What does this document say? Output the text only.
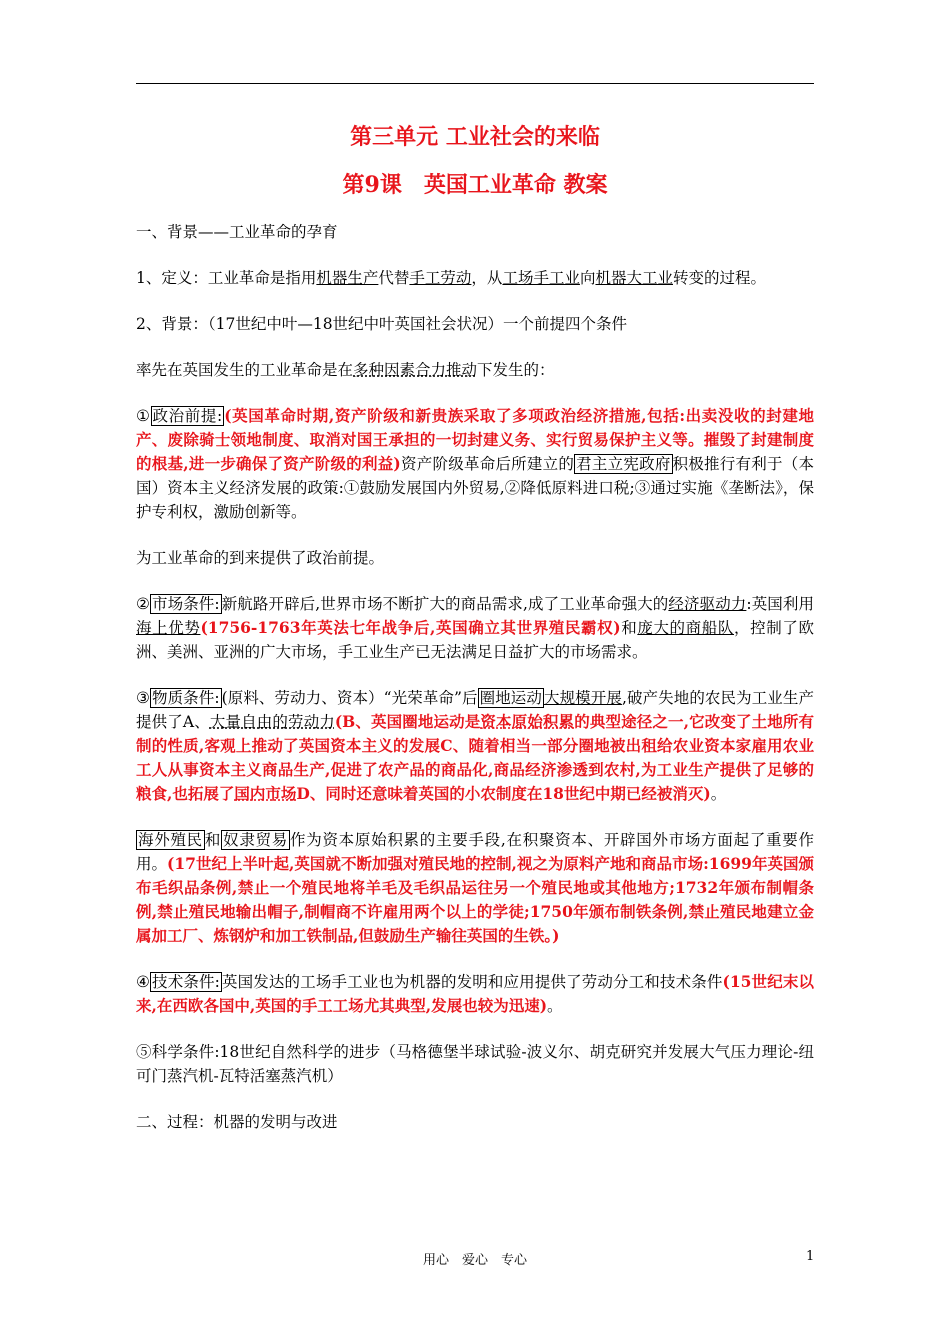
第三单元 工业社会的来临
第9课　英国工业革命 教案

一、背景——工业革命的孕育

1、定义：工业革命是指用机器生产代替手工劳动，从工场手工业向机器大工业转变的过程。

2、背景：（17世纪中叶—18世纪中叶英国社会状况）一个前提四个条件

率先在英国发生的工业革命是在多种因素合力推动下发生的：

① 政治前提: (英国革命时期,资产阶级和新贵族采取了多项政治经济措施,包括:出卖没收的封建地产、废除骑士领地制度、取消对国王承担的一切封建义务、实行贸易保护主义等。摧毁了封建制度的根基,进一步确保了资产阶级的利益)资产阶级革命后所建立的 君主立宪政府 积极推行有利于（本国）资本主义经济发展的政策:①鼓励发展国内外贸易,②降低原料进口税;③通过实施《垄断法》，保护专利权，激励创新等。

为工业革命的到来提供了政治前提。

② 市场条件: 新航路开辟后,世界市场不断扩大的商品需求,成了工业革命强大的经济驱动力:英国利用海上优势(1756-1763年英法七年战争后,英国确立其世界殖民霸权)和庞大的商船队，控制了欧洲、美洲、亚洲的广大市场，手工业生产已无法满足日益扩大的市场需求。

③ 物质条件: (原料、劳动力、资本）“光荣革命”后 圈地运动 大规模开展,破产失地的农民为工业生产提供了A、大量自由的劳动力(B、英国圈地运动是资本原始积累的典型途径之一,它改变了土地所有制的性质,客观上推动了英国资本主义的发展C、随着相当一部分圈地被出租给农业资本家雇用农业工人从事资本主义商品生产,促进了农产品的商品化,商品经济渗透到农村,为工业生产提供了足够的粮食,也拓展了国内市场D、同时还意味着英国的小农制度在18世纪中期已经被消灭)。

海外殖民 和 奴隶贸易 作为资本原始积累的主要手段,在积聚资本、开辟国外市场方面起了重要作用。(17世纪上半叶起,英国就不断加强对殖民地的控制,视之为原料产地和商品市场:1699年英国颁布毛织品条例,禁止一个殖民地将羊毛及毛织品运往另一个殖民地或其他地方;1732年颁布制帽条例,禁止殖民地输出帽子,制帽商不许雇用两个以上的学徒;1750年颁布制铁条例,禁止殖民地建立金属加工厂、炼钢炉和加工铁制品,但鼓励生产输往英国的生铁。)

④ 技术条件: 英国发达的工场手工业也为机器的发明和应用提供了劳动分工和技术条件(15世纪末以来,在西欧各国中,英国的手工工场尤其典型,发展也较为迅速)。

⑤科学条件:18世纪自然科学的进步（马格德堡半球试验-波义尔、胡克研究并发展大气压力理论-纽可门蒸汽机-瓦特活塞蒸汽机）

二、过程：机器的发明与改进

用心　爱心　专心	1
